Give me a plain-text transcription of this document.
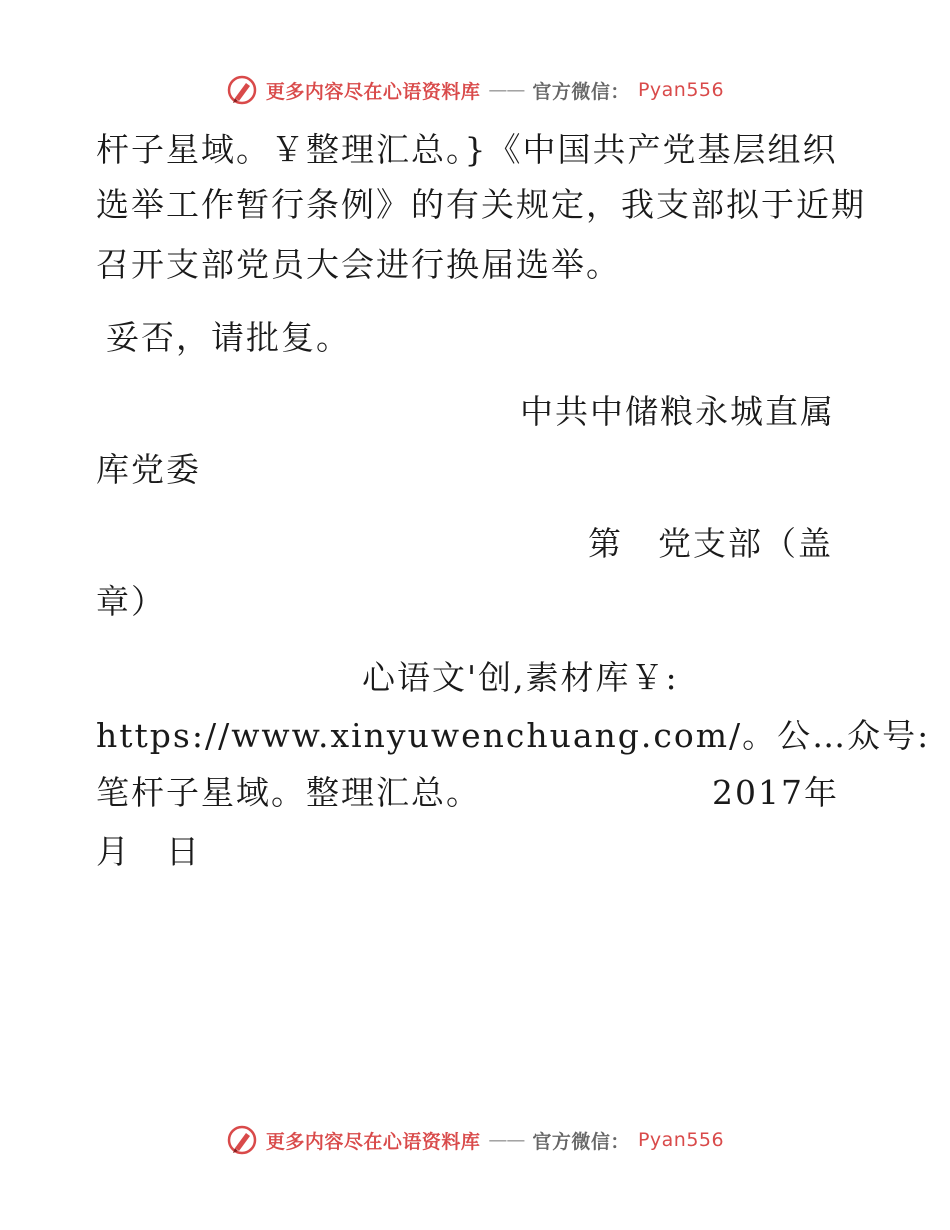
更多内容尽在心语资料库 —— 官方微信： Pyan556
杆子星域。￥整理汇总。}《中国共产党基层组织
选举工作暂行条例》的有关规定，我支部拟于近期
召开支部党员大会进行换届选举。
妥否，请批复。
中共中储粮永城直属
库党委
第　党支部（盖
章）
心语文'创,素材库￥:
https://www.xinyuwenchuang.com/。公…众号:
笔杆子星域。整理汇总。	2017年
月　日
更多内容尽在心语资料库 —— 官方微信： Pyan556
